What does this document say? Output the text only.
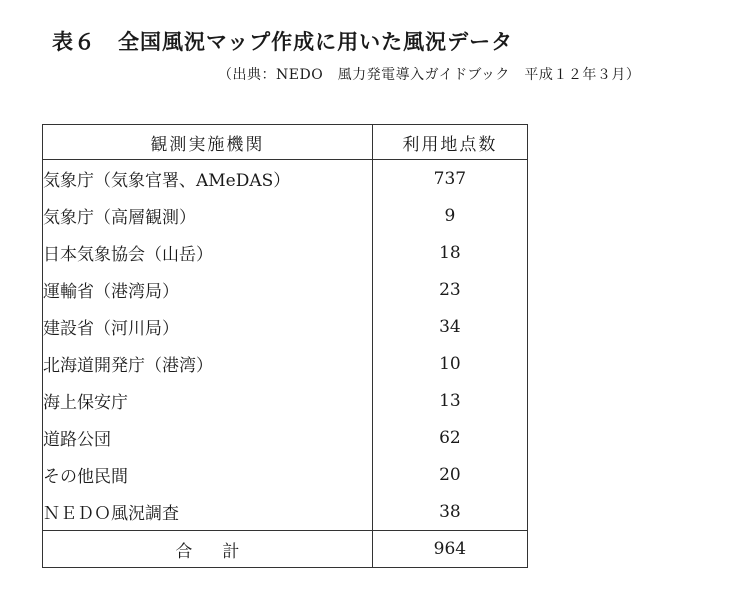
表６ 全国風況マップ作成に用いた風況データ
（出典：NEDO　風力発電導入ガイドブック　平成１２年３月）
観測実施機関	利用地点数
気象庁（気象官署、AMeDAS）	737
気象庁（高層観測）	9
日本気象協会（山岳）	18
運輸省（港湾局）	23
建設省（河川局）	34
北海道開発庁（港湾）	10
海上保安庁	13
道路公団	62
その他民間	20
ＮＥＤＯ風況調査	38
合計	964
